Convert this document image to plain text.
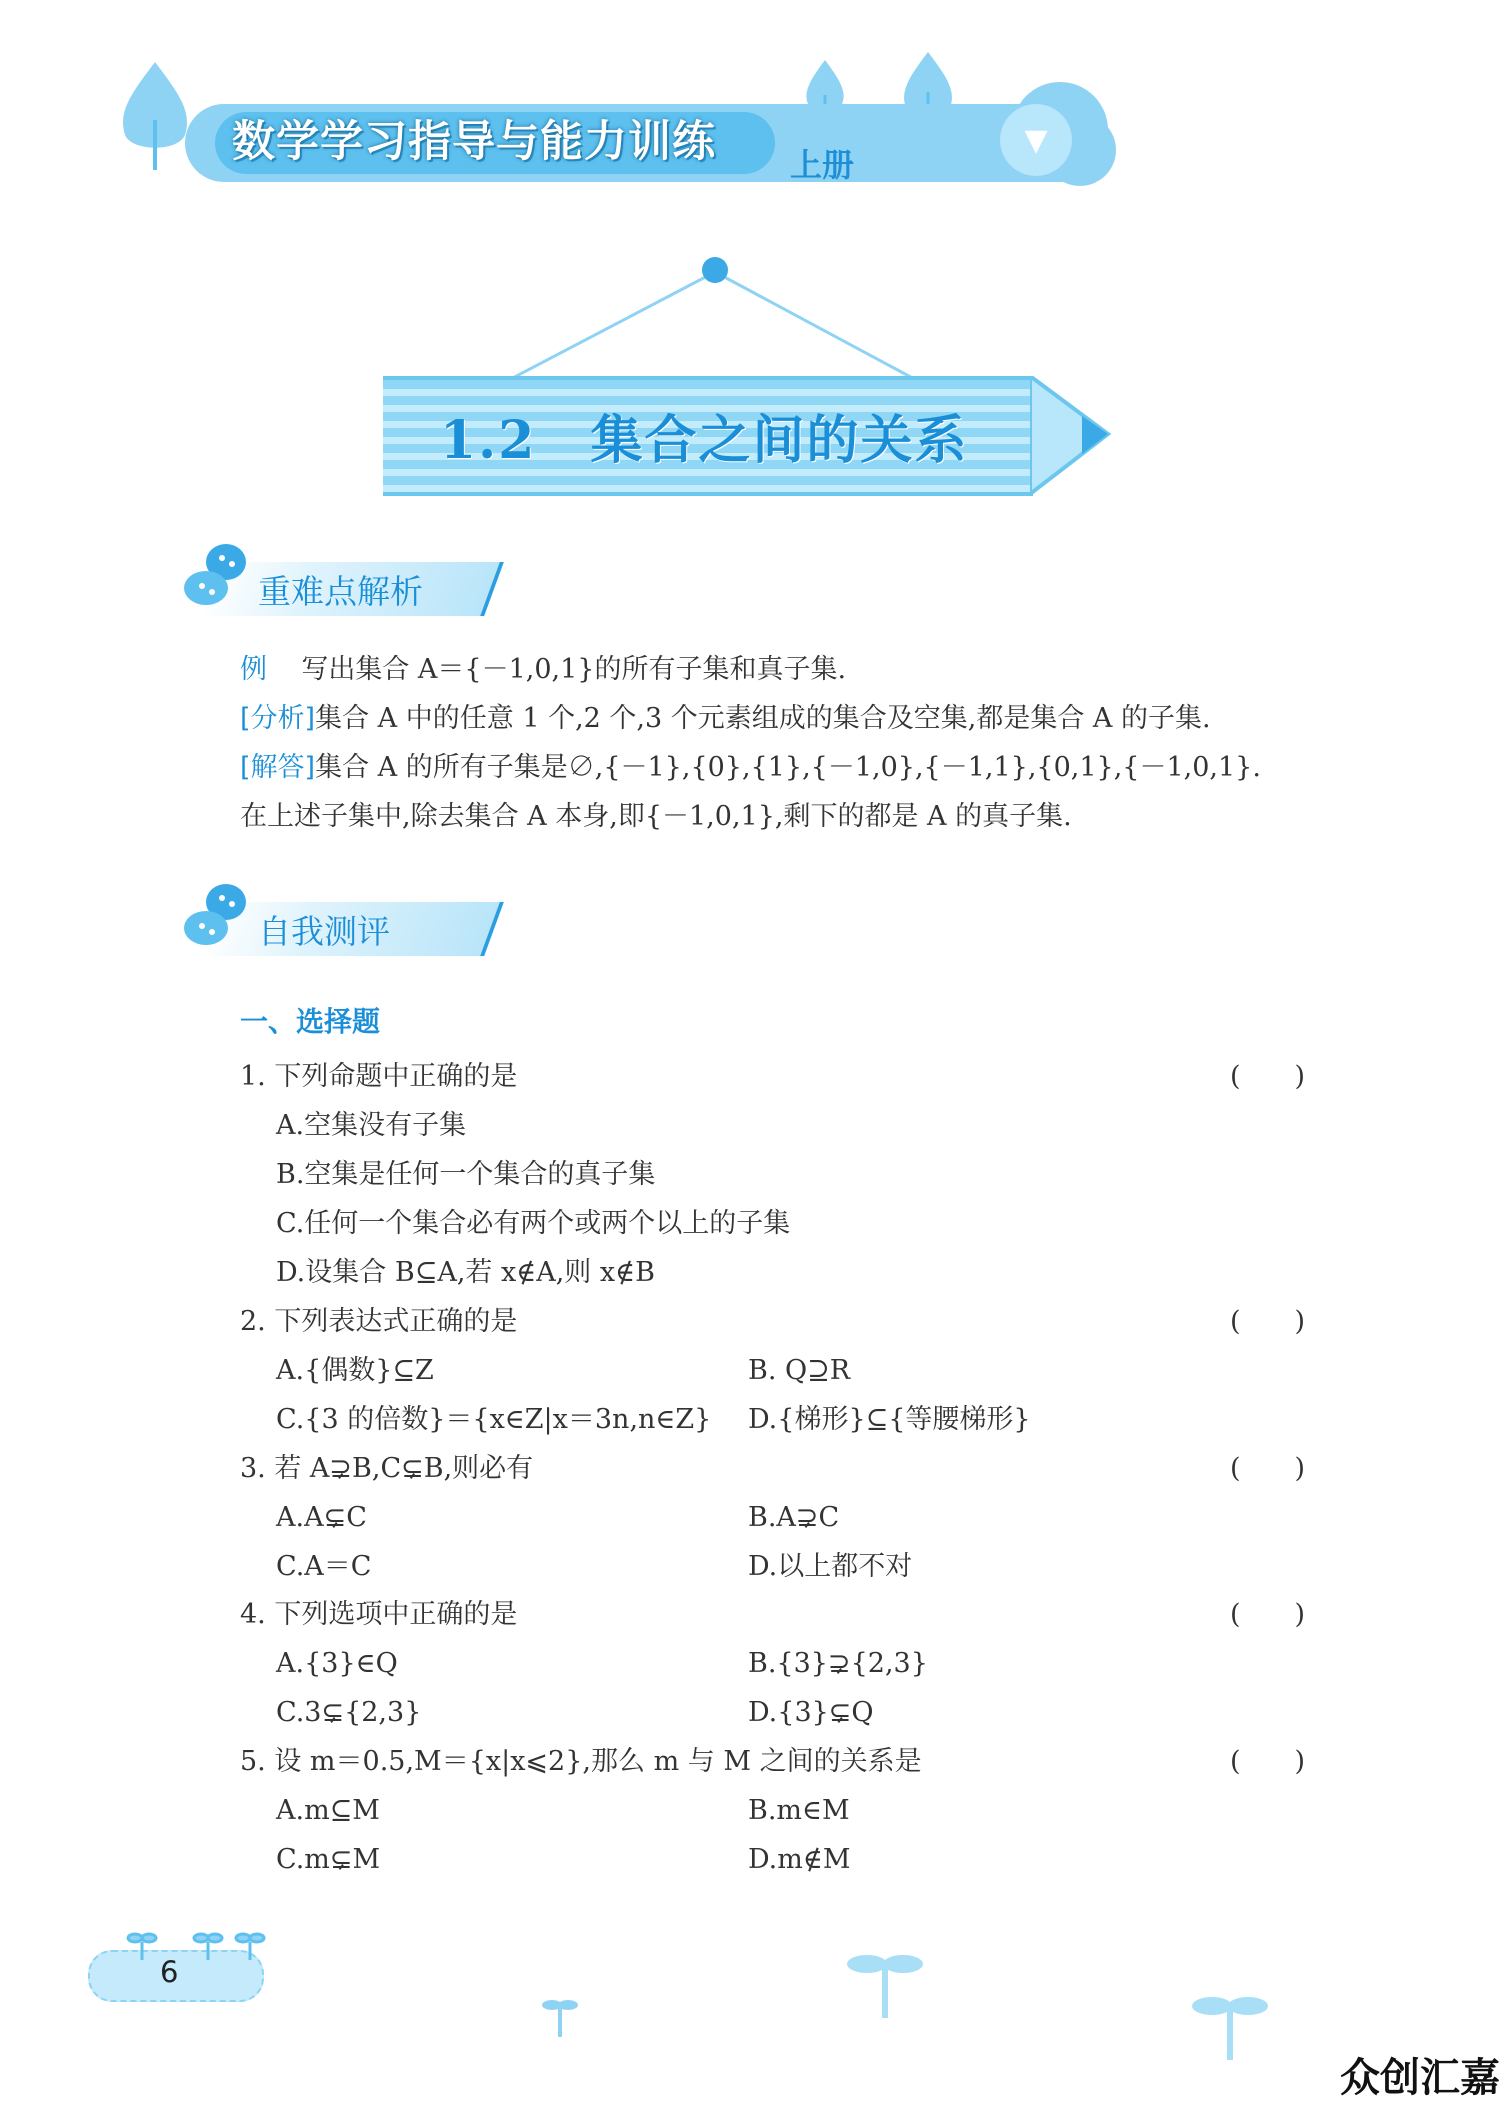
数学学习指导与能力训练 上册
▼
1.2　集合之间的关系
重难点解析
例 写出集合 A＝{－1,0,1}的所有子集和真子集.
[分析]集合 A 中的任意 1 个,2 个,3 个元素组成的集合及空集,都是集合 A 的子集.
[解答]集合 A 的所有子集是∅,{－1},{0},{1},{－1,0},{－1,1},{0,1},{－1,0,1}.
在上述子集中,除去集合 A 本身,即{－1,0,1},剩下的都是 A 的真子集.
自我测评
一、选择题
1. 下列命题中正确的是	(　　)
A.空集没有子集
B.空集是任何一个集合的真子集
C.任何一个集合必有两个或两个以上的子集
D.设集合 B⊆A,若 x∉A,则 x∉B
2. 下列表达式正确的是	(　　)
A.{偶数}⊆Z	B. Q⊇R
C.{3 的倍数}＝{x∈Z|x＝3n,n∈Z} D.{梯形}⊆{等腰梯形}
3. 若 A⊋B,C⊊B,则必有	(　　)
A.A⊊C	B.A⊋C
C.A＝C	D.以上都不对
4. 下列选项中正确的是	(　　)
A.{3}∈Q	B.{3}⊋{2,3}
C.3⊊{2,3}	D.{3}⊊Q
5. 设 m＝0.5,M＝{x|x⩽2},那么 m 与 M 之间的关系是	(　　)
A.m⊆M	B.m∈M
C.m⊊M	D.m∉M
6
众创汇嘉
